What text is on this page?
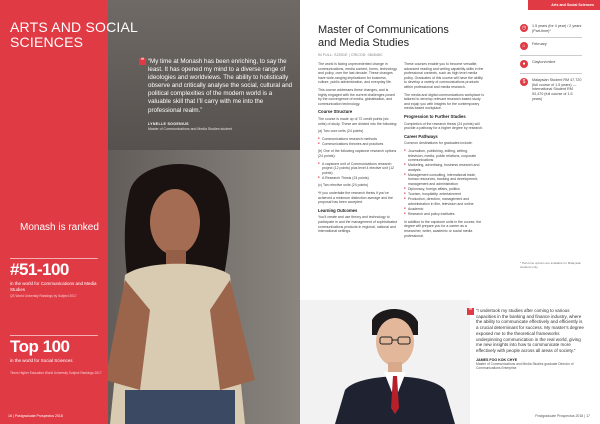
Monash is ranked
#51-100
in the world for Communications and Media Studies
QS World University Rankings by Subject 2017
Top 100
in the world for Social Sciences
Times Higher Education World University Subject Rankings 2017
ARTS AND SOCIAL SCIENCES
❝ “My time at Monash has been enriching, to say the least. It has opened my mind to a diverse range of ideologies and worldviews. The ability to holistically observe and critically analyse the social, cultural and political complexities of the modern world is a valuable skill that I’ll carry with me into the professional realm.”
LYNELLE SOGENIUS
Master of Communications and Media Studies student
16 | Postgraduate Prospectus 2018
Arts and Social Sciences
Master of Communications and Media Studies
IN FULL: S2001E | CRICOS: 084545C

The world is facing unprecedented change in communications, media content, forms, technology, and policy, over the last decade. These changes have wide-ranging implications for business, culture, public administration, and everyday life.

This course addresses these changes, and is highly engaged with the current challenges posed by the convergence of media, globalisation, and communication technology.

Course Structure

The course is made up of 72 credit points (six units) of study. These are divided into the following:

(a) Two core units (24 points)

■ Communications research methods
■ Communications theories and practices

(b) One of the following capstone research options (24 points):

■ A capstone unit of Communications research project (12 points) plus level 4 elective unit (12 points)
■ A Research Thesis (24 points)

(c) Two elective units (24 points)

*If you undertake the research thesis if you’ve achieved a minimum distinction average and the proposal has been accepted.

Learning Outcomes

You’ll create and use theory and technology to participate in and the management of sophisticated communications products in regional, national and international settings.

These courses enable you to become versatile, advanced reading and writing capability skills in the professional contexts, such as high level media policy. Graduates of this course will have the ability to develop a variety of communications products within professional and media research.

The media and digital communications workplace is tailored to develop relevant research-based study and equip you with insights for the contemporary media-based workplace.

Progression to Further Studies

Completion of the research thesis (24 points) will provide a pathway for a higher degree by research.

Career Pathways

Common destinations for graduates include:

■ Journalism, publishing, editing, writing, television, media, public relations, corporate communications
■ Marketing, advertising, business research and analysis
■ Management consulting, international trade, human resources, banking and development, management and administration
■ Diplomacy, foreign affairs, politics
■ Tourism, hospitality, entertainment
■ Production, direction, management and administration in film, television and online
■ Academic
■ Research and policy institutes

In addition to the capstone units in the course, the degree will prepare you for a career as a researcher, writer, academic or social media professional.

◷	1.5 years (for 4 year) / 2 years (Part-time)*
⌂	February
●	Clayton/online
$	Malaysian Student RM 47,720 (full course of 1.5 years) — International Student RM 53,470 (full course of 1.5 years)
* Part-time options are available for Malaysian students only.
❝ “I undertook my studies after coming to various capacities in the banking and finance industry, where the ability to communicate effectively and efficiently is a crucial determinant for success. My master’s degree exposed me to the theoretical frameworks underpinning communication in the real world, giving me new insights into how to communicate more effectively with people across all areas of society.”
JAMES FOO KOK CHYE
Master of Communications and Media Studies graduate Director of Communications Enterprise
Postgraduate Prospectus 2018 | 17
